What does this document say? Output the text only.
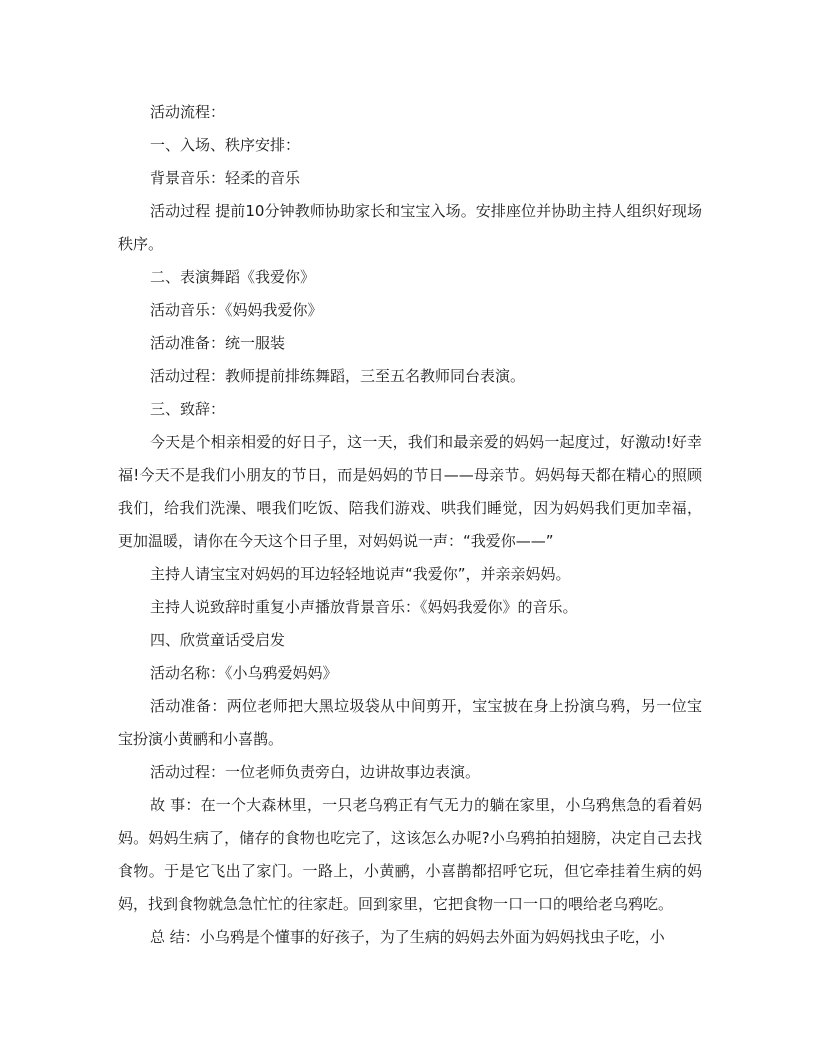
活动流程：

一、入场、秩序安排：

背景音乐：轻柔的音乐

活动过程 提前10分钟教师协助家长和宝宝入场。安排座位并协助主持人组织好现场秩序。

二、表演舞蹈《我爱你》

活动音乐：《妈妈我爱你》

活动准备：统一服装

活动过程：教师提前排练舞蹈，三至五名教师同台表演。

三、致辞：

今天是个相亲相爱的好日子，这一天，我们和最亲爱的妈妈一起度过，好激动!好幸福!今天不是我们小朋友的节日，而是妈妈的节日——母亲节。妈妈每天都在精心的照顾我们，给我们洗澡、喂我们吃饭、陪我们游戏、哄我们睡觉，因为妈妈我们更加幸福，更加温暖，请你在今天这个日子里，对妈妈说一声：“我爱你——”

主持人请宝宝对妈妈的耳边轻轻地说声“我爱你”，并亲亲妈妈。

主持人说致辞时重复小声播放背景音乐：《妈妈我爱你》的音乐。

四、欣赏童话受启发

活动名称：《小乌鸦爱妈妈》

活动准备：两位老师把大黑垃圾袋从中间剪开，宝宝披在身上扮演乌鸦，另一位宝宝扮演小黄鹂和小喜鹊。

活动过程：一位老师负责旁白，边讲故事边表演。

故 事：在一个大森林里，一只老乌鸦正有气无力的躺在家里，小乌鸦焦急的看着妈妈。妈妈生病了，储存的食物也吃完了，这该怎么办呢?小乌鸦拍拍翅膀，决定自己去找食物。于是它飞出了家门。一路上，小黄鹂，小喜鹊都招呼它玩，但它牵挂着生病的妈妈，找到食物就急急忙忙的往家赶。回到家里，它把食物一口一口的喂给老乌鸦吃。

总 结：小乌鸦是个懂事的好孩子，为了生病的妈妈去外面为妈妈找虫子吃，小
